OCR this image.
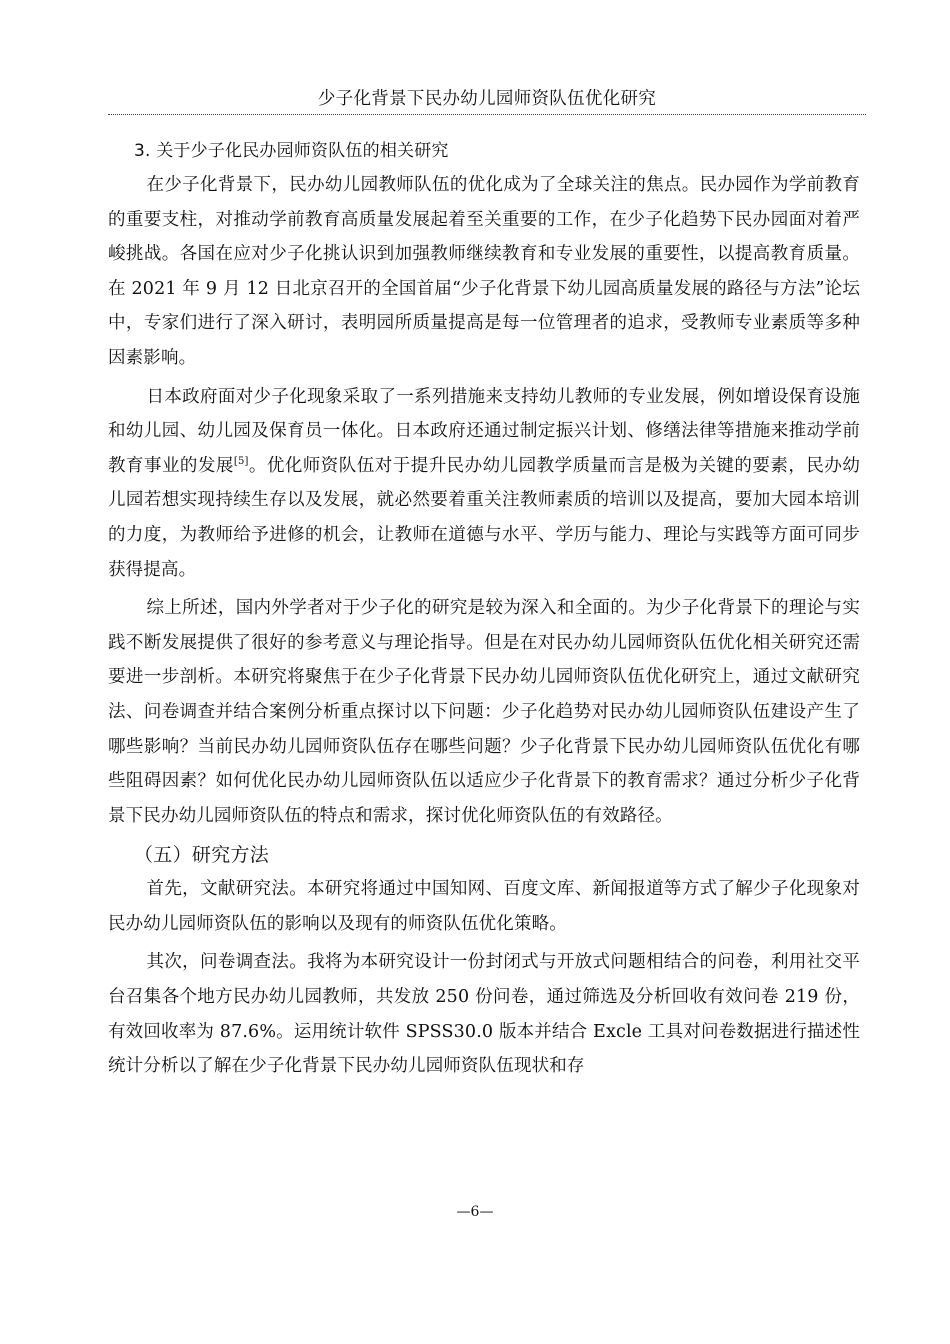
少子化背景下民办幼儿园师资队伍优化研究
3. 关于少子化民办园师资队伍的相关研究

在少子化背景下，民办幼儿园教师队伍的优化成为了全球关注的焦点。民办园作为学前教育的重要支柱，对推动学前教育高质量发展起着至关重要的工作，在少子化趋势下民办园面对着严峻挑战。各国在应对少子化挑认识到加强教师继续教育和专业发展的重要性，以提高教育质量。在 2021 年 9 月 12 日北京召开的全国首届“少子化背景下幼儿园高质量发展的路径与方法”论坛中，专家们进行了深入研讨，表明园所质量提高是每一位管理者的追求，受教师专业素质等多种因素影响。

日本政府面对少子化现象采取了一系列措施来支持幼儿教师的专业发展，例如增设保育设施和幼儿园、幼儿园及保育员一体化。日本政府还通过制定振兴计划、修缮法律等措施来推动学前教育事业的发展[5]。优化师资队伍对于提升民办幼儿园教学质量而言是极为关键的要素，民办幼儿园若想实现持续生存以及发展，就必然要着重关注教师素质的培训以及提高，要加大园本培训的力度，为教师给予进修的机会，让教师在道德与水平、学历与能力、理论与实践等方面可同步获得提高。

综上所述，国内外学者对于少子化的研究是较为深入和全面的。为少子化背景下的理论与实践不断发展提供了很好的参考意义与理论指导。但是在对民办幼儿园师资队伍优化相关研究还需要进一步剖析。本研究将聚焦于在少子化背景下民办幼儿园师资队伍优化研究上，通过文献研究法、问卷调查并结合案例分析重点探讨以下问题：少子化趋势对民办幼儿园师资队伍建设产生了哪些影响？当前民办幼儿园师资队伍存在哪些问题？少子化背景下民办幼儿园师资队伍优化有哪些阻碍因素？如何优化民办幼儿园师资队伍以适应少子化背景下的教育需求？通过分析少子化背景下民办幼儿园师资队伍的特点和需求，探讨优化师资队伍的有效路径。

（五）研究方法

首先，文献研究法。本研究将通过中国知网、百度文库、新闻报道等方式了解少子化现象对民办幼儿园师资队伍的影响以及现有的师资队伍优化策略。

其次，问卷调查法。我将为本研究设计一份封闭式与开放式问题相结合的问卷，利用社交平台召集各个地方民办幼儿园教师，共发放 250 份问卷，通过筛选及分析回收有效问卷 219 份，有效回收率为 87.6%。运用统计软件 SPSS30.0 版本并结合 Excle 工具对问卷数据进行描述性统计分析以了解在少子化背景下民办幼儿园师资队伍现状和存

—6—
